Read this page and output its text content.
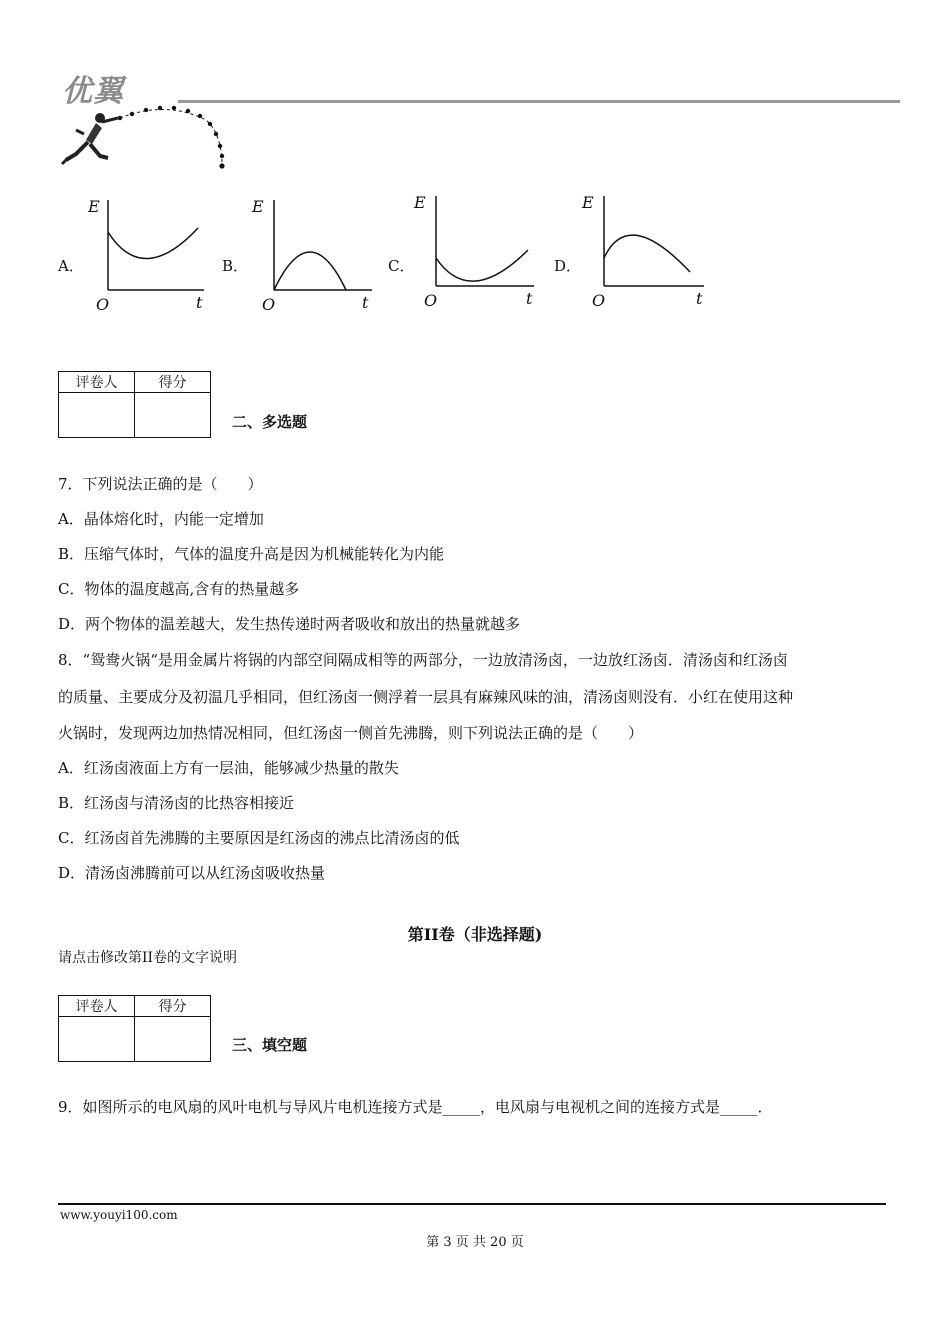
优翼
A．
E
O	t
B．
E
O	t
C．
E
O	t
D．
E
O	t
评卷人	得分

二、多选题
7．下列说法正确的是（　　）
A．晶体熔化时，内能一定增加
B．压缩气体时，气体的温度升高是因为机械能转化为内能
C．物体的温度越高,含有的热量越多
D．两个物体的温差越大，发生热传递时两者吸收和放出的热量就越多
8．“鸳鸯火锅“是用金属片将锅的内部空间隔成相等的两部分，一边放清汤卤，一边放红汤卤．清汤卤和红汤卤
的质量、主要成分及初温几乎相同，但红汤卤一侧浮着一层具有麻辣风味的油，清汤卤则没有．小红在使用这种
火锅时，发现两边加热情况相同，但红汤卤一侧首先沸腾，则下列说法正确的是（　　）
A．红汤卤液面上方有一层油，能够减少热量的散失
B．红汤卤与清汤卤的比热容相接近
C．红汤卤首先沸腾的主要原因是红汤卤的沸点比清汤卤的低
D．清汤卤沸腾前可以从红汤卤吸收热量
第II卷（非选择题)
请点击修改第II卷的文字说明
评卷人	得分

三、填空题
9．如图所示的电风扇的风叶电机与导风片电机连接方式是_____，电风扇与电视机之间的连接方式是_____．
www.youyi100.com
第 3 页 共 20 页
